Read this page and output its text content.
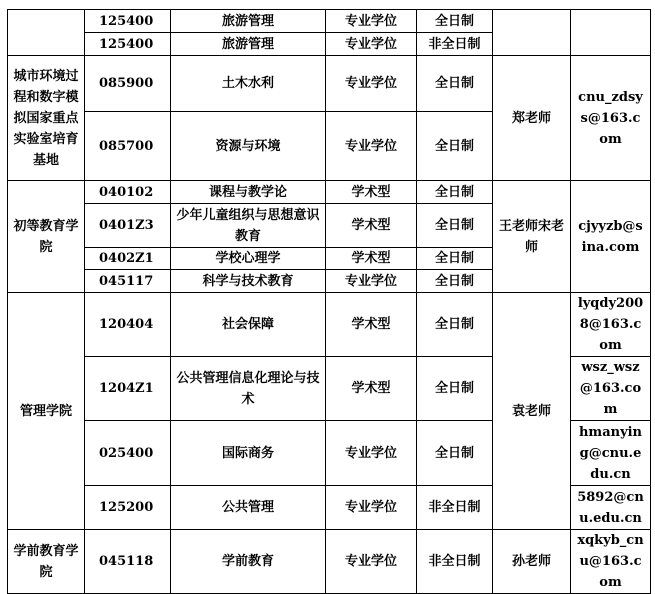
	125400	旅游管理	专业学位	全日制		
	125400	旅游管理	专业学位	非全日制		
城市环境过程和数字模拟国家重点实验室培育基地	085900	土木水利	专业学位	全日制	郑老师	cnu_zdsys@163.com
	085700	资源与环境	专业学位	全日制		
初等教育学院	040102	课程与教学论	学术型	全日制	王老师宋老师	cjyyzb@sina.com
	0401Z3	少年儿童组织与思想意识教育	学术型	全日制		
	0402Z1	学校心理学	学术型	全日制		
	045117	科学与技术教育	专业学位	全日制		
管理学院	120404	社会保障	学术型	全日制	袁老师	lyqdy2008@163.com
	1204Z1	公共管理信息化理论与技术	学术型	全日制		wsz_wsz@163.com
	025400	国际商务	专业学位	全日制		hmanying@cnu.edu.cn
	125200	公共管理	专业学位	非全日制		5892@cnu.edu.cn
学前教育学院	045118	学前教育	专业学位	非全日制	孙老师	xqkyb_cnu@163.com
